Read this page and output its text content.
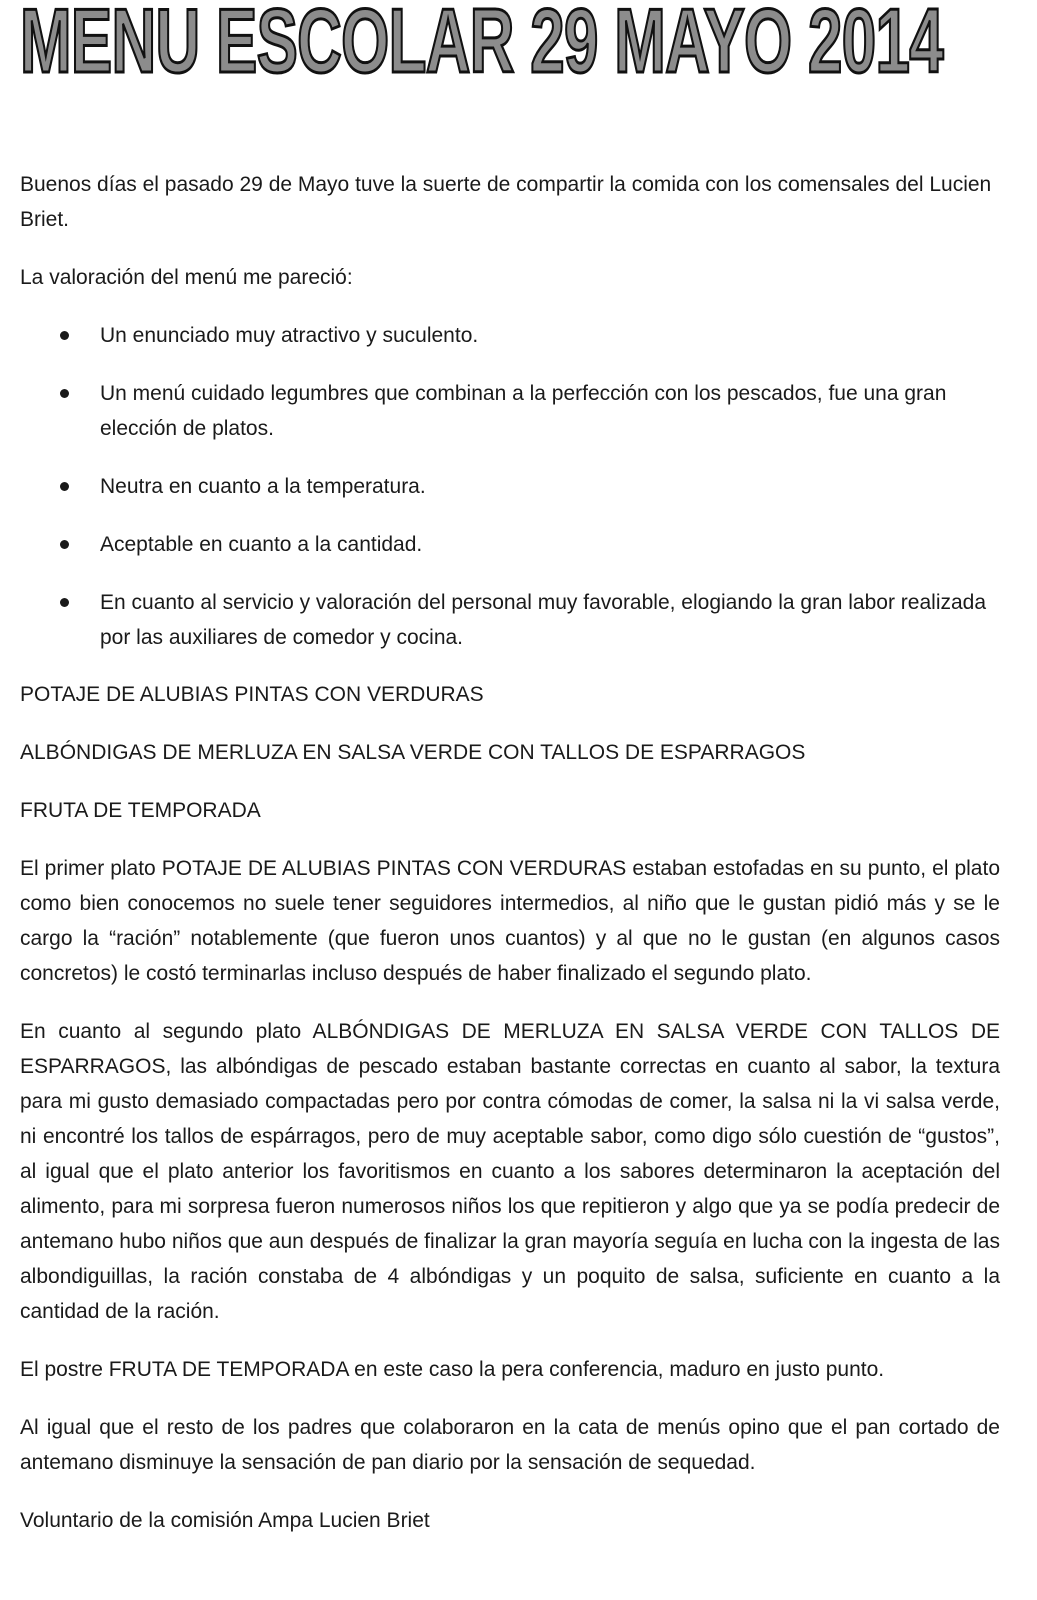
MENU ESCOLAR 29 MAYO 2014

Buenos días el pasado 29 de Mayo tuve la suerte de compartir la comida con los comensales del Lucien Briet.

La valoración del menú me pareció:

Un enunciado muy atractivo y suculento.
Un menú cuidado legumbres que combinan a la perfección con los pescados, fue una gran elección de platos.
Neutra en cuanto a la temperatura.
Aceptable en cuanto a la cantidad.
En cuanto al servicio y valoración del personal muy favorable, elogiando la gran labor realizada por las auxiliares de comedor y cocina.

POTAJE DE ALUBIAS PINTAS CON VERDURAS

ALBÓNDIGAS DE MERLUZA EN SALSA VERDE CON TALLOS DE ESPARRAGOS

FRUTA DE TEMPORADA

El primer plato POTAJE DE ALUBIAS PINTAS CON VERDURAS estaban estofadas en su punto, el plato como bien conocemos no suele tener seguidores intermedios, al niño que le gustan pidió más y se le cargo la “ración” notablemente (que fueron unos cuantos) y al que no le gustan (en algunos casos concretos) le costó terminarlas incluso después de haber finalizado el segundo plato.

En cuanto al segundo plato ALBÓNDIGAS DE MERLUZA EN SALSA VERDE CON TALLOS DE ESPARRAGOS, las albóndigas de pescado estaban bastante correctas en cuanto al sabor, la textura para mi gusto demasiado compactadas pero por contra cómodas de comer, la salsa ni la vi salsa verde, ni encontré los tallos de espárragos, pero de muy aceptable sabor, como digo sólo cuestión de “gustos”, al igual que el plato anterior los favoritismos en cuanto a los sabores determinaron la aceptación del alimento, para mi sorpresa fueron numerosos niños los que repitieron y algo que ya se podía predecir de antemano hubo niños que aun después de finalizar la gran mayoría seguía en lucha con la ingesta de las albondiguillas, la ración constaba de 4 albóndigas y un poquito de salsa, suficiente en cuanto a la cantidad de la ración.

El postre FRUTA DE TEMPORADA en este caso la pera conferencia, maduro en justo punto.

Al igual que el resto de los padres que colaboraron en la cata de menús opino que el pan cortado de antemano disminuye la sensación de pan diario por la sensación de sequedad.

Voluntario de la comisión Ampa Lucien Briet
